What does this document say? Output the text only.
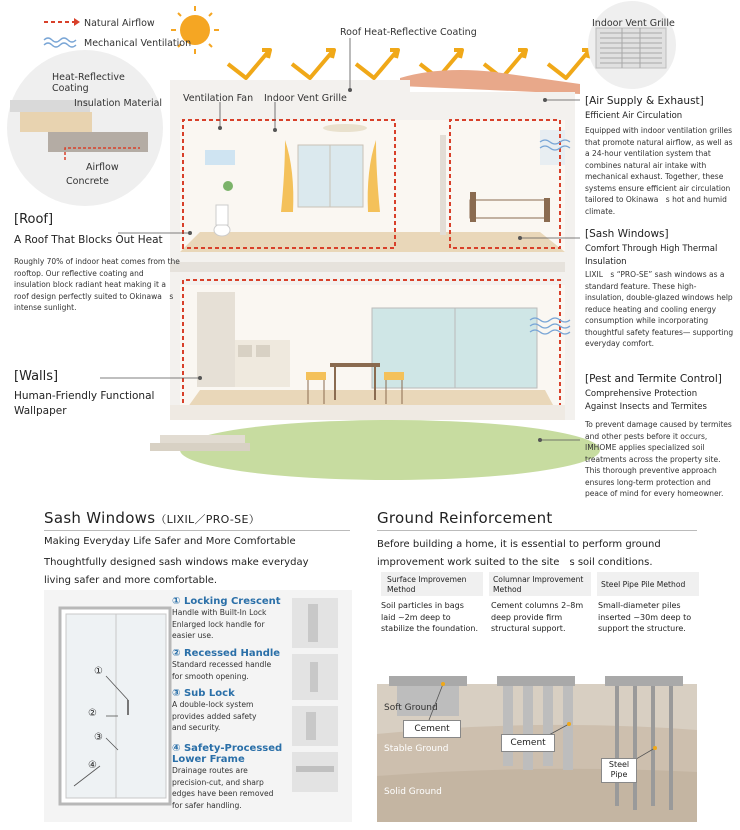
Natural Airflow
Mechanical Ventilation
Roof Heat-Reflective Coating
Indoor Vent Grille
Ventilation Fan Indoor Vent Grille
Heat-Reflective
Coating
Insulation Material
Airflow
Concrete
[Roof]
A Roof That Blocks Out Heat
Roughly 70% of indoor heat comes from the rooftop. Our reflective coating and insulation block radiant heat making it a roof design perfectly suited to Okinawa　s intense sunlight.
[Walls]
Human-Friendly Functional
Wallpaper
[Air Supply & Exhaust]
Efficient Air Circulation
Equipped with indoor ventilation grilles that promote natural airflow, as well as a 24-hour ventilation system that combines natural air intake with mechanical exhaust. Together, these systems ensure efficient air circulation tailored to Okinawa　s hot and humid climate.
[Sash Windows]
Comfort Through High Thermal
Insulation
LIXIL　s “PRO-SE” sash windows as a standard feature. These high-insulation, double-glazed windows help reduce heating and cooling energy consumption while incorporating thoughtful safety features— supporting everyday comfort.
[Pest and Termite Control]
Comprehensive Protection
Against Insects and Termites
To prevent damage caused by termites and other pests before it occurs, IMHOME applies specialized soil treatments across the property site. This thorough preventive approach ensures long-term protection and peace of mind for every homeowner.
Sash Windows（LIXIL／PRO-SE）
Making Everyday Life Safer and More Comfortable
Thoughtfully designed sash windows make everyday
living safer and more comfortable.
①
②
③
④
① Locking Crescent
Handle with Built-In Lock
Enlarged lock handle for
easier use.
② Recessed Handle
Standard recessed handle
for smooth opening.
③ Sub Lock
A double-lock system
provides added safety
and security.
④ Safety-Processed
Lower Frame
Drainage routes are
precision-cut, and sharp
edges have been removed
for safer handling.
Ground Reinforcement
Before building a home, it is essential to perform ground
improvement work suited to the site　s soil conditions.
Surface Improvemen
Method
Columnar Improvement
Method
Steel Pipe Pile Method
Soil particles in bags
laid ~2m deep to
stabilize the foundation.
Cement columns 2–8m
deep provide firm
structural support.
Small-diameter piles
inserted ~30m deep to
support the structure.
Soft Ground
Stable Ground
Solid Ground
Cement
Cement
Steel
Pipe
